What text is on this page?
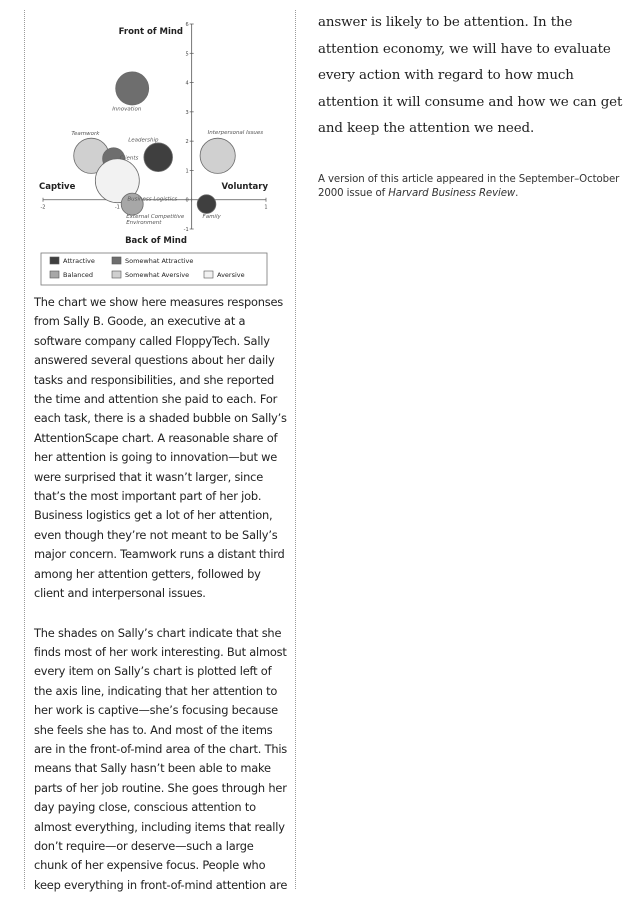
6
5
4
3
2
1
0
-1
-2	-1	1
Innovation
Teamwork
Clients
Business Logistics
Leadership
Interpersonal Issues
External Competitive Environment
Family
Front of Mind
Back of Mind
Captive	Voluntary
Attractive	Somewhat Attractive
Balanced	Somewhat Aversive	Aversive

The chart we show here measures responses from Sally B. Goode, an executive at a software company called FloppyTech. Sally answered several questions about her daily tasks and responsibilities, and she reported the time and attention she paid to each. For each task, there is a shaded bubble on Sally’s AttentionScape chart. A reasonable share of her attention is going to innovation—but we were surprised that it wasn’t larger, since that’s the most important part of her job. Business logistics get a lot of her attention, even though they’re not meant to be Sally’s major concern. Teamwork runs a distant third among her attention getters, followed by client and interpersonal issues.

The shades on Sally’s chart indicate that she finds most of her work interesting. But almost every item on Sally’s chart is plotted left of the axis line, indicating that her attention to her work is captive—she’s focusing because she feels she has to. And most of the items are in the front-of-mind area of the chart. This means that Sally hasn’t been able to make parts of her job routine. She goes through her day paying close, conscious attention to almost everything, including items that really don’t require—or deserve—such a large chunk of her expensive focus. People who keep everything in front-of-mind attention are

answer is likely to be attention. In the attention economy, we will have to evaluate every action with regard to how much attention it will consume and how we can get and keep the attention we need.

A version of this article appeared in the September–October 2000 issue of Harvard Business Review.
